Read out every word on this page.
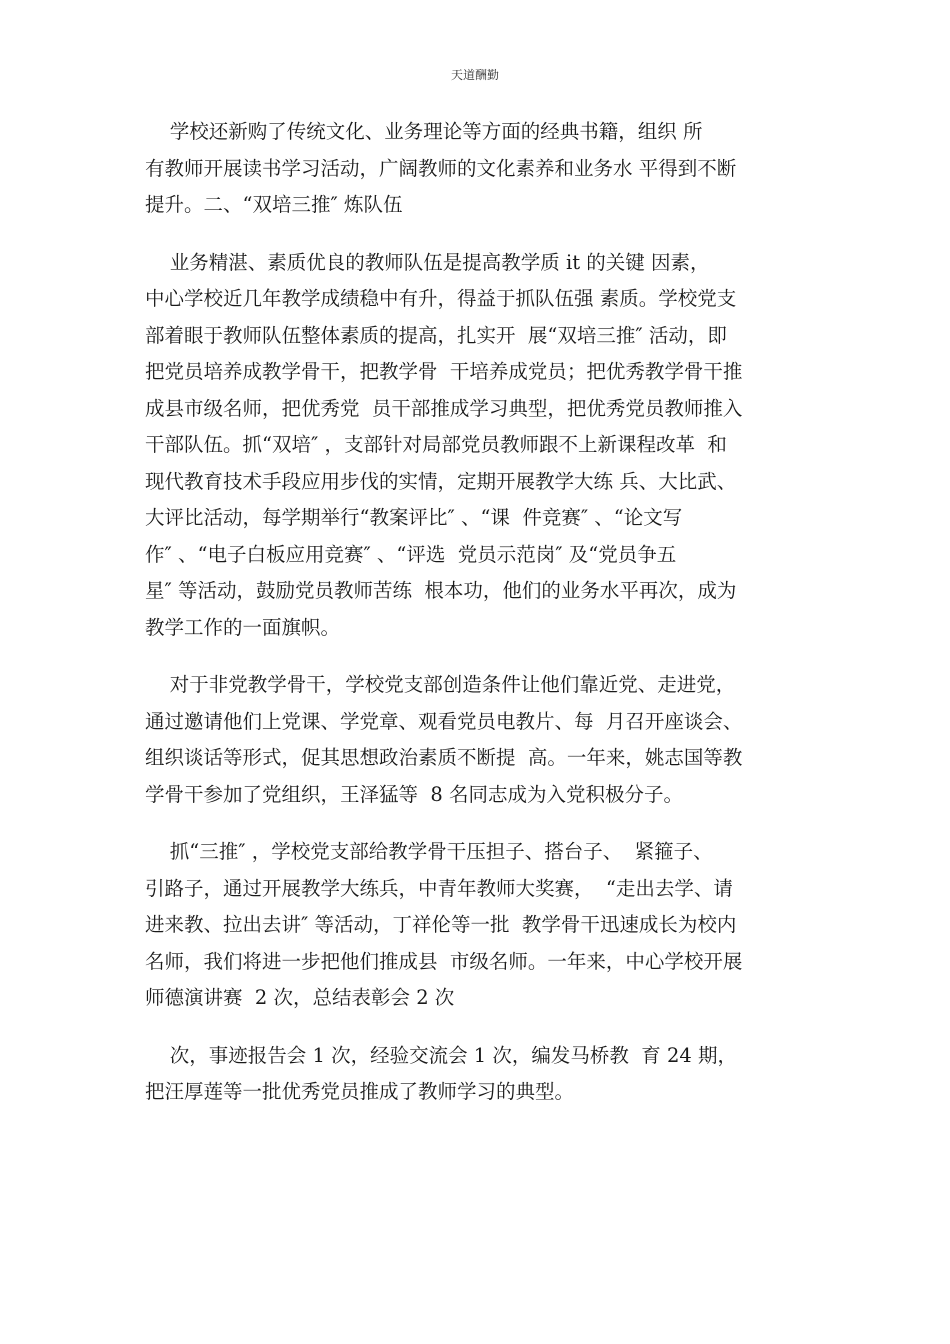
天道酬勤
学校还新购了传统文化、业务理论等方面的经典书籍，组织 所
有教师开展读书学习活动，广阔教师的文化素养和业务水 平得到不断
提升。二、“双培三推″ 炼队伍
业务精湛、素质优良的教师队伍是提高教学质 it 的关键 因素，
中心学校近几年教学成绩稳中有升，得益于抓队伍强 素质。学校党支
部着眼于教师队伍整体素质的提高，扎实开  展“双培三推″ 活动，即
把党员培养成教学骨干，把教学骨  干培养成党员；把优秀教学骨干推
成县市级名师，把优秀党  员干部推成学习典型，把优秀党员教师推入
干部队伍。抓“双培″ ，支部针对局部党员教师跟不上新课程改革  和
现代教育技术手段应用步伐的实情，定期开展教学大练 兵、大比武、
大评比活动，每学期举行“教案评比″ 、“课  件竞赛″ 、“论文写
作″ 、“电子白板应用竞赛″ 、“评选  党员示范岗″ 及“党员争五
星″ 等活动，鼓励党员教师苦练  根本功，他们的业务水平再次，成为
教学工作的一面旗帜。
对于非党教学骨干，学校党支部创造条件让他们靠近党、走进党，
通过邀请他们上党课、学党章、观看党员电教片、每  月召开座谈会、
组织谈话等形式，促其思想政治素质不断提  高。一年来，姚志国等教
学骨干参加了党组织，王泽猛等  8 名同志成为入党积极分子。
抓“三推″ ，学校党支部给教学骨干压担子、搭台子、  紧箍子、
引路子，通过开展教学大练兵，中青年教师大奖赛，  “走出去学、请
进来教、拉出去讲″ 等活动，丁祥伦等一批  教学骨干迅速成长为校内
名师，我们将进一步把他们推成县  市级名师。一年来，中心学校开展
师德演讲赛  2 次，总结表彰会 2 次
次，事迹报告会 1 次，经验交流会 1 次，编发马桥教  育 24 期，
把汪厚莲等一批优秀党员推成了教师学习的典型。
